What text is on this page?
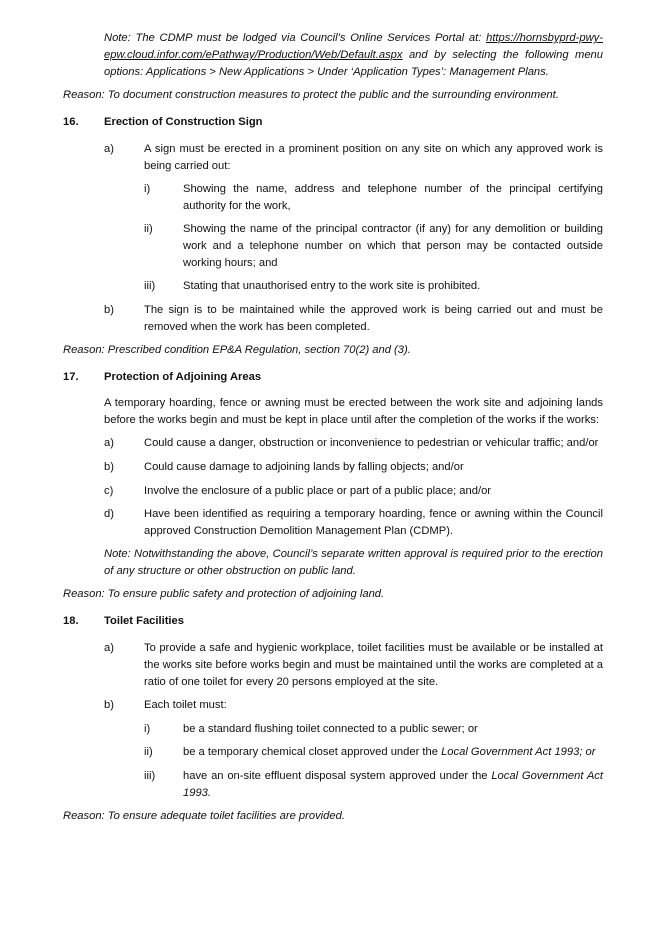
Note: The CDMP must be lodged via Council’s Online Services Portal at: https://hornsbyprd-pwy-epw.cloud.infor.com/ePathway/Production/Web/Default.aspx and by selecting the following menu options: Applications > New Applications > Under ‘Application Types’: Management Plans.

Reason: To document construction measures to protect the public and the surrounding environment.

16. Erection of Construction Sign
a)	A sign must be erected in a prominent position on any site on which any approved work is being carried out:
i)	Showing the name, address and telephone number of the principal certifying authority for the work,
ii)	Showing the name of the principal contractor (if any) for any demolition or building work and a telephone number on which that person may be contacted outside working hours; and
iii) Stating that unauthorised entry to the work site is prohibited.
b)	The sign is to be maintained while the approved work is being carried out and must be removed when the work has been completed.

Reason: Prescribed condition EP&A Regulation, section 70(2) and (3).

17. Protection of Adjoining Areas
A temporary hoarding, fence or awning must be erected between the work site and adjoining lands before the works begin and must be kept in place until after the completion of the works if the works:
a)	Could cause a danger, obstruction or inconvenience to pedestrian or vehicular traffic; and/or
b)	Could cause damage to adjoining lands by falling objects; and/or
c)	Involve the enclosure of a public place or part of a public place; and/or
d)	Have been identified as requiring a temporary hoarding, fence or awning within the Council approved Construction Demolition Management Plan (CDMP).
Note: Notwithstanding the above, Council’s separate written approval is required prior to the erection of any structure or other obstruction on public land.

Reason: To ensure public safety and protection of adjoining land.

18. Toilet Facilities
a)	To provide a safe and hygienic workplace, toilet facilities must be available or be installed at the works site before works begin and must be maintained until the works are completed at a ratio of one toilet for every 20 persons employed at the site.
b)	Each toilet must:
i)	be a standard flushing toilet connected to a public sewer; or
ii)	be a temporary chemical closet approved under the Local Government Act 1993; or
iii) have an on-site effluent disposal system approved under the Local Government Act 1993.

Reason: To ensure adequate toilet facilities are provided.
